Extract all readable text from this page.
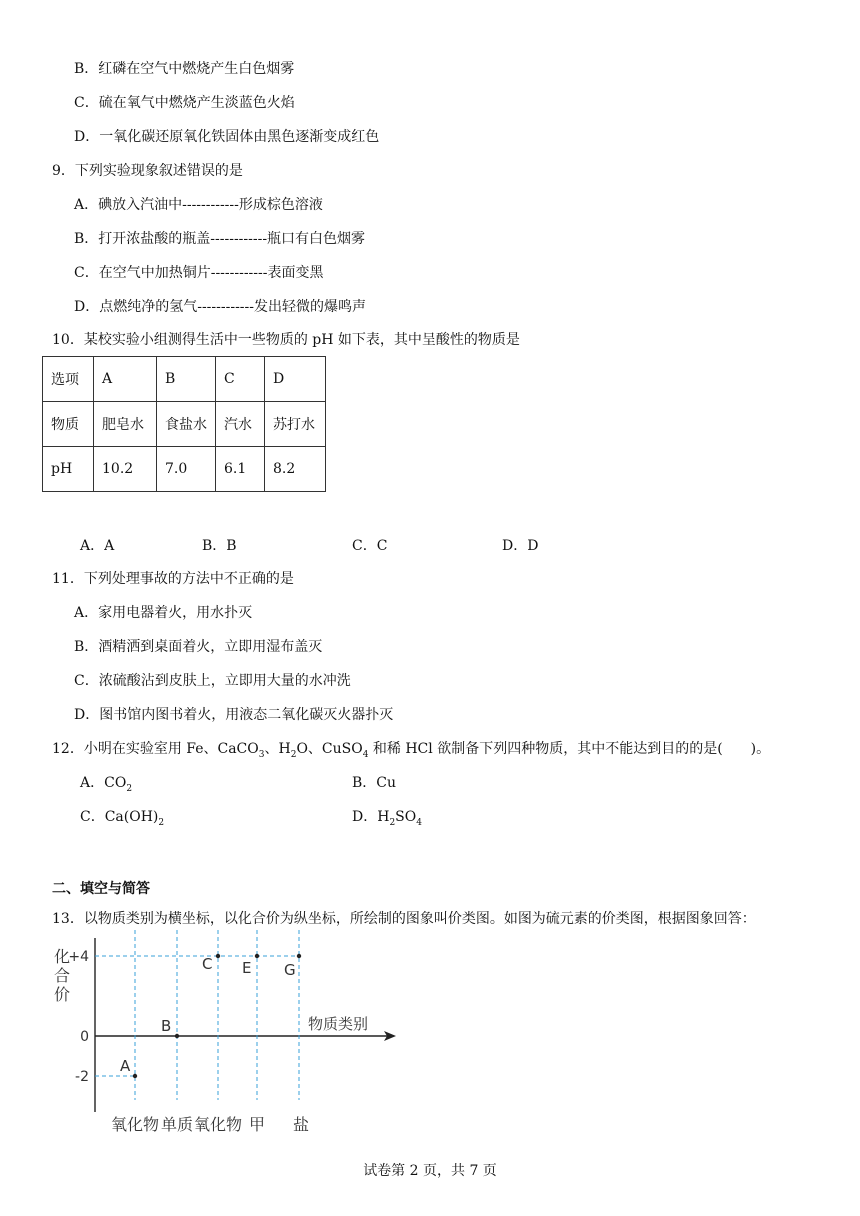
B．红磷在空气中燃烧产生白色烟雾
C．硫在氧气中燃烧产生淡蓝色火焰
D．一氧化碳还原氧化铁固体由黑色逐渐变成红色
9．下列实验现象叙述错误的是
A．碘放入汽油中------------形成棕色溶液
B．打开浓盐酸的瓶盖------------瓶口有白色烟雾
C．在空气中加热铜片------------表面变黑
D．点燃纯净的氢气------------发出轻微的爆鸣声
10．某校实验小组测得生活中一些物质的 pH 如下表，其中呈酸性的物质是
选项	A	B	C	D
物质	肥皂水	食盐水	汽水	苏打水
pH	10.2	7.0	6.1	8.2
A．A	B．B	C．C	D．D
11．下列处理事故的方法中不正确的是
A．家用电器着火，用水扑灭
B．酒精洒到桌面着火，立即用湿布盖灭
C．浓硫酸沾到皮肤上，立即用大量的水冲洗
D．图书馆内图书着火，用液态二氧化碳灭火器扑灭
12．小明在实验室用 Fe、CaCO$_3$、$H_2O$、CuSO$_4$ 和稀 HCl 欲制备下列四种物质，其中不能达到目的的是(　　)。
A．$CO_2$	B．Cu
C．$Ca(OH)_2$	D．$H_2SO_4$
二、填空与简答
13．以物质类别为横坐标，以化合价为纵坐标，所绘制的图象叫价类图。如图为硫元素的价类图，根据图象回答：
化
合
价
物质类别
+4
0
-2
氧化物 单质 氧化物 甲 盐
A
B
C E G
试卷第 2 页，共 7 页
